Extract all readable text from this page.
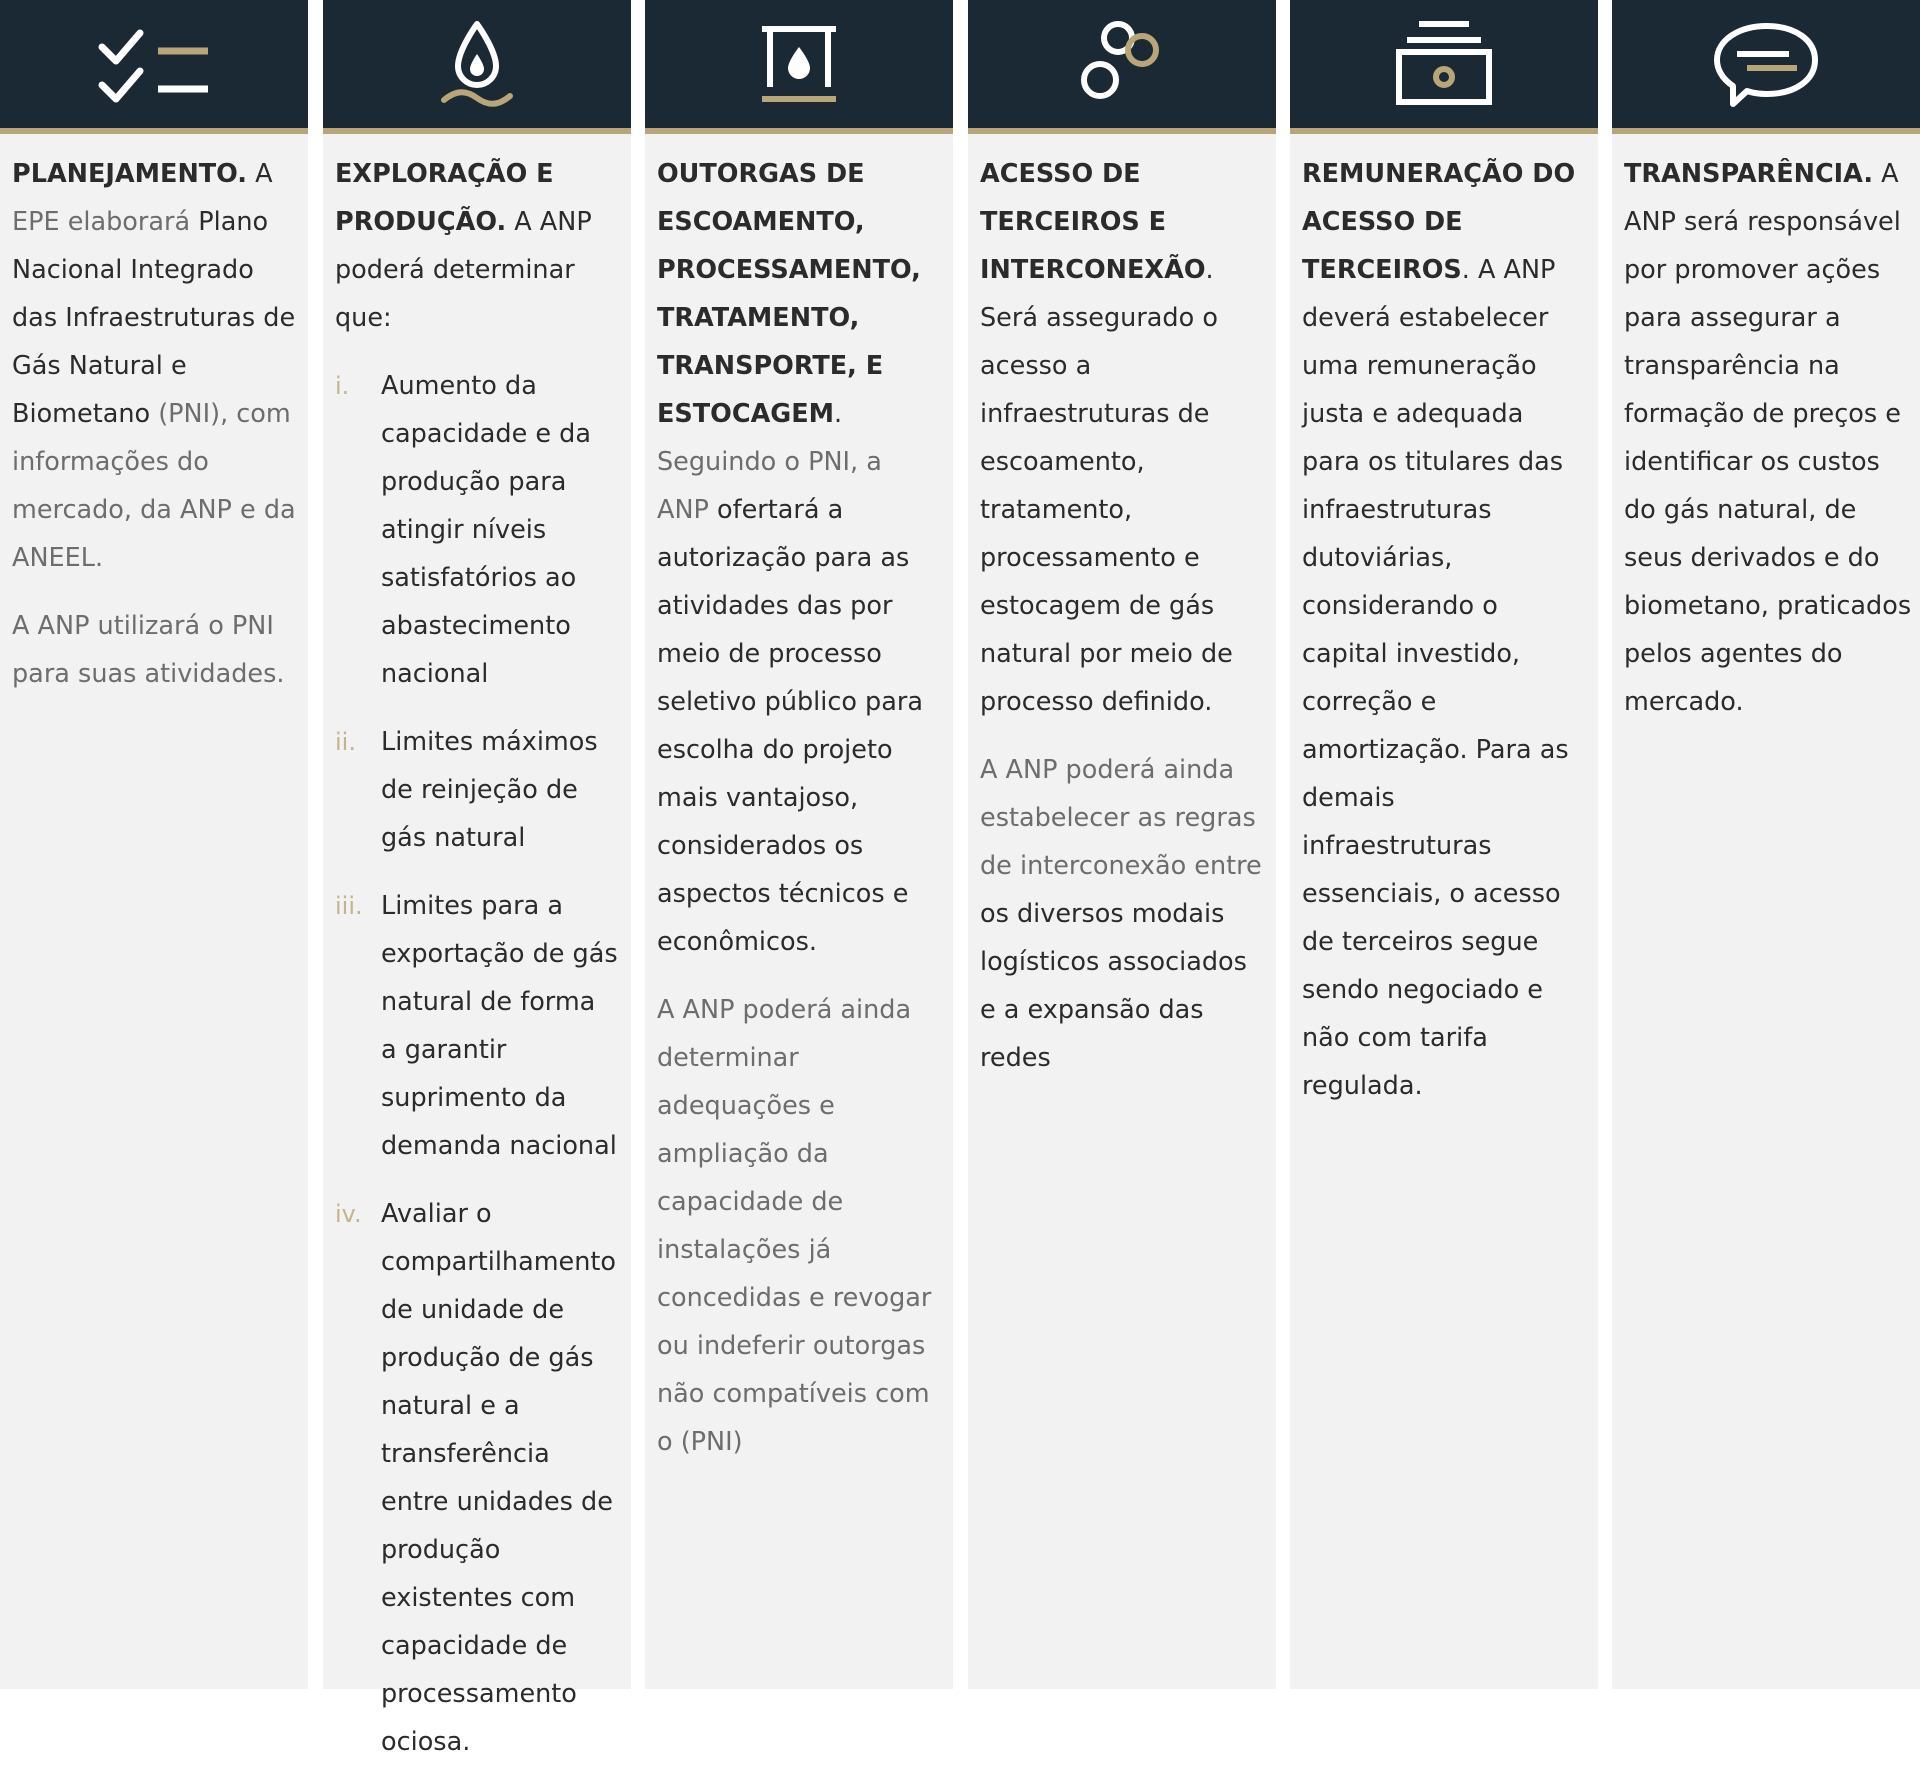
PLANEJAMENTO. A EPE elaborará Plano Nacional Integrado das Infraestruturas de Gás Natural e Biometano (PNI), com informações do mercado, da ANP e da ANEEL.

A ANP utilizará o PNI para suas atividades.

EXPLORAÇÃO E PRODUÇÃO. A ANP poderá determinar que:

i. Aumento da capacidade e da produção para atingir níveis satisfatórios ao abastecimento nacional
ii. Limites máximos de reinjeção de gás natural
iii. Limites para a exportação de gás natural de forma a garantir suprimento da demanda nacional
iv. Avaliar o compartilhamento de unidade de produção de gás natural e a transferência entre unidades de produção existentes com capacidade de processamento ociosa.

OUTORGAS DE ESCOAMENTO, PROCESSAMENTO, TRATAMENTO, TRANSPORTE, E ESTOCAGEM. Seguindo o PNI, a ANP ofertará a autorização para as atividades das por meio de processo seletivo público para escolha do projeto mais vantajoso, considerados os aspectos técnicos e econômicos.

A ANP poderá ainda determinar adequações e ampliação da capacidade de instalações já concedidas e revogar ou indeferir outorgas não compatíveis com o (PNI)

ACESSO DE TERCEIROS E INTERCONEXÃO. Será assegurado o acesso a infraestruturas de escoamento, tratamento, processamento e estocagem de gás natural por meio de processo definido.

A ANP poderá ainda estabelecer as regras de interconexão entre os diversos modais logísticos associados e a expansão das redes

REMUNERAÇÃO DO ACESSO DE TERCEIROS. A ANP deverá estabelecer uma remuneração justa e adequada para os titulares das infraestruturas dutoviárias, considerando o capital investido, correção e amortização. Para as demais infraestruturas essenciais, o acesso de terceiros segue sendo negociado e não com tarifa regulada.

TRANSPARÊNCIA. A ANP será responsável por promover ações para assegurar a transparência na formação de preços e identificar os custos do gás natural, de seus derivados e do biometano, praticados pelos agentes do mercado.
